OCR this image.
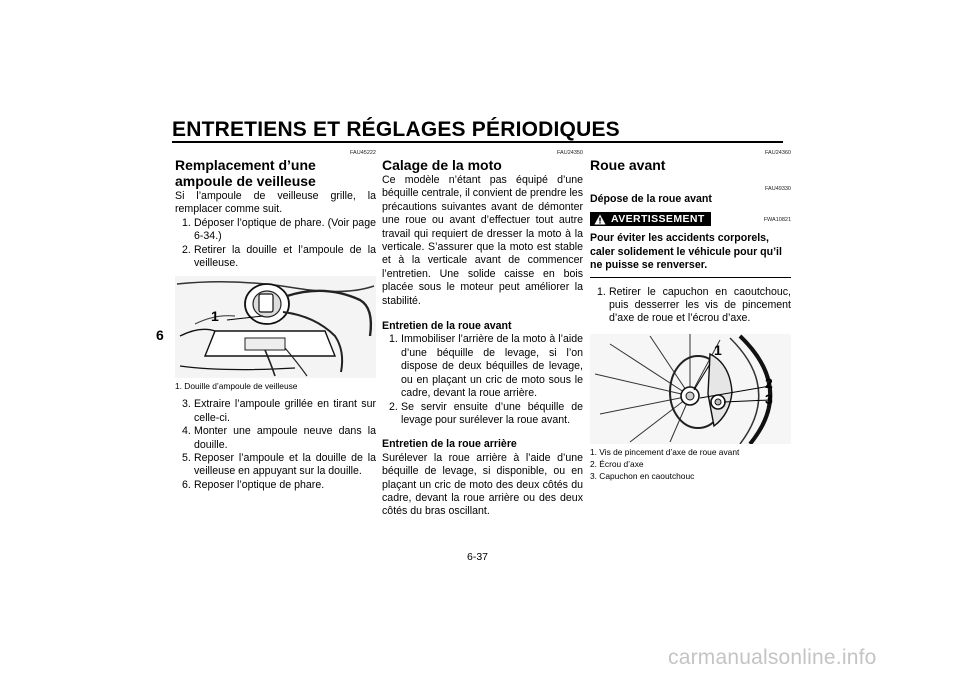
ENTRETIENS ET RÉGLAGES PÉRIODIQUES
6
FAU45222
Remplacement d’une ampoule de veilleuse

Si l’ampoule de veilleuse grille, la remplacer comme suit.

1. Déposer l’optique de phare. (Voir page 6-34.)
2. Retirer la douille et l’ampoule de la veilleuse.
1
1. Douille d’ampoule de veilleuse
3. Extraire l’ampoule grillée en tirant sur celle-ci.
4. Monter une ampoule neuve dans la douille.
5. Reposer l’ampoule et la douille de la veilleuse en appuyant sur la douille.
6. Reposer l’optique de phare.
FAU24350
Calage de la moto

Ce modèle n’étant pas équipé d’une béquille centrale, il convient de prendre les précautions suivantes avant de démonter une roue ou avant d’effectuer tout autre travail qui requiert de dresser la moto à la verticale. S’assurer que la moto est stable et à la verticale avant de commencer l’entretien. Une solide caisse en bois placée sous le moteur peut améliorer la stabilité.

Entretien de la roue avant
1. Immobiliser l’arrière de la moto à l’aide d’une béquille de levage, si l’on dispose de deux béquilles de levage, ou en plaçant un cric de moto sous le cadre, devant la roue arrière.
2. Se servir ensuite d’une béquille de levage pour surélever la roue avant.
Entretien de la roue arrière

Surélever la roue arrière à l’aide d’une béquille de levage, si disponible, ou en plaçant un cric de moto des deux côtés du cadre, devant la roue arrière ou des deux côtés du bras oscillant.

FAU24360
Roue avant
FAU49330
Dépose de la roue avant
AVERTISSEMENT	FWA10821
Pour éviter les accidents corporels, caler solidement le véhicule pour qu’il ne puisse se renverser.
1. Retirer le capuchon en caoutchouc, puis desserrer les vis de pincement d’axe de roue et l’écrou d’axe.
1
2
3
1. Vis de pincement d’axe de roue avant
2. Écrou d’axe
3. Capuchon en caoutchouc
6-37
carmanualsonline.info
